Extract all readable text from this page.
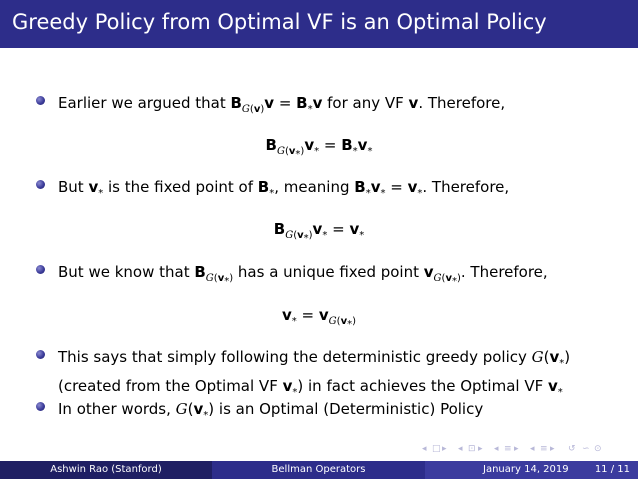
Greedy Policy from Optimal VF is an Optimal Policy
Earlier we argued that $B_{G(v)}v = B_*v$ for any VF v. Therefore,
$B_{G(v_*)}v_* = B_*v_*$
But $v_*$ is the fixed point of $B_*$, meaning $B_*v_* = v_*$. Therefore,
$B_{G(v_*)}v_* = v_*$
But we know that $B_{G(v_*)}$ has a unique fixed point $v_{G(v_*)}$. Therefore,
$v_* = v_{G(v_*)}$
This says that simply following the deterministic greedy policy $G(v_*)$
(created from the Optimal VF $v_*$) in fact achieves the Optimal VF $v_*$
In other words, $G(v_*)$ is an Optimal (Deterministic) Policy
◂ □ ▸ ◂ ⊡ ▸ ◂ ≡ ▸ ◂ ≡ ▸ ↺ ∽ ⊙
Ashwin Rao (Stanford)	Bellman Operators	January 14, 2019	11 / 11
